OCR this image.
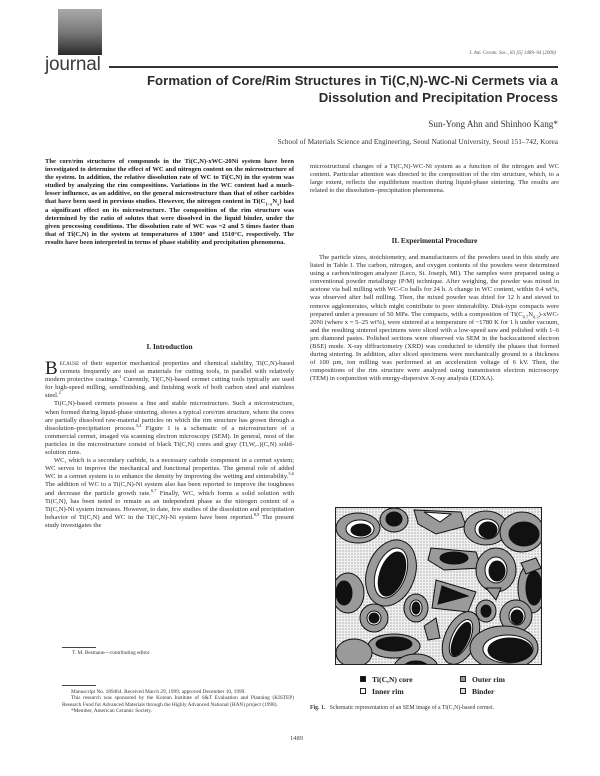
journal
J. Am. Ceram. Soc., 83 [6] 1489–94 (2000)
Formation of Core/Rim Structures in Ti(C,N)-WC-Ni Cermets via a
Dissolution and Precipitation Process
Sun-Yong Ahn and Shinhoo Kang*
School of Materials Science and Engineering, Seoul National University, Seoul 151–742, Korea

The core/rim structures of compounds in the Ti(C,N)-xWC-20Ni system have been investigated to determine the effect of WC and nitrogen content on the microstructure of the system. In addition, the relative dissolution rate of WC to Ti(C,N) in the system was studied by analyzing the rim compositions. Variations in the WC content had a much-lesser influence, as an additive, on the general microstructure than that of other carbides that have been used in previous studies. However, the nitrogen content in $Ti(C_{1-x}N_x)$ had a significant effect on its microstructure. The composition of the rim structure was determined by the ratio of solutes that were dissolved in the liquid binder, under the given processing conditions. The dissolution rate of WC was ~2 and 5 times faster than that of Ti(C,N) in the system at temperatures of 1300° and 1510°C, respectively. The results have been interpreted in terms of phase stability and precipitation phenomena.

I. Introduction

Because of their superior mechanical properties and chemical stability, Ti(C,N)-based cermets frequently are used as materials for cutting tools, in parallel with relatively modern protective coatings.$^1$ Currently, Ti(C,N)-based cermet cutting tools typically are used for high-speed milling, semifinishing, and finishing work of both carbon steel and stainless steel.$^2$

Ti(C,N)-based cermets possess a fine and stable microstructure. Such a microstructure, when formed during liquid-phase sintering, shows a typical core/rim structure, where the cores are partially dissolved raw-material particles on which the rim structure has grown through a dissolution–precipitation process.$^{3,4}$ Figure 1 is a schematic of a microstructure of a commercial cermet, imaged via scanning electron microscopy (SEM). In general, most of the particles in the microstructure consist of black Ti(C,N) cores and gray (Ti,W,..)(C,N) solid-solution rims.

WC, which is a secondary carbide, is a necessary carbide component in a cermet system; WC serves to improve the mechanical and functional properties. The general role of added WC in a cermet system is to enhance the density by improving the wetting and sinterability.$^{5,6}$ The addition of WC to a Ti(C,N)-Ni system also has been reported to improve the toughness and decrease the particle growth rate.$^{6,7}$ Finally, WC, which forms a solid solution with Ti(C,N), has been noted to remain as an independent phase as the nitrogen content of a Ti(C,N)-Ni system increases. However, to date, few studies of the dissolution and precipitation behavior of Ti(C,N) and WC in the Ti(C,N)-Ni system have been reported.$^{8,9}$ The present study investigates the

T. M. Besmann—contributing editor
Manuscript No. 189464. Received March 29, 1999; approved December 10, 1999.
This research was sponsored by the Korean Institute of S&T Evaluation and Planning (KISTEP) Research Fund for Advanced Materials through the Highly Advanced National (HAN) project (1998).
*Member, American Ceramic Society.
microstructural changes of a Ti(C,N)-WC-Ni system as a function of the nitrogen and WC content. Particular attention was directed to the composition of the rim structure, which, to a large extent, reflects the equilibrium reaction during liquid-phase sintering. The results are related to the dissolution–precipitation phenomena.
II. Experimental Procedure

The particle sizes, stoichiometry, and manufacturers of the powders used in this study are listed in Table I. The carbon, nitrogen, and oxygen contents of the powders were determined using a carbon/nitrogen analyzer (Leco, St. Joseph, MI). The samples were prepared using a conventional powder metallurgy (P/M) technique. After weighing, the powder was mixed in acetone via ball milling with WC-Co balls for 24 h. A change in WC content, within 0.4 wt%, was observed after ball milling. Then, the mixed powder was dried for 12 h and sieved to remove agglomerates, which might contribute to poor sinterability. Disk-type compacts were prepared under a pressure of 50 MPa. The compacts, with a composition of $Ti(C_{0.7}N_{0.3})-xWC-20Ni$ (where x = 5–25 wt%), were sintered at a temperature of ~1780 K for 1 h under vacuum, and the resulting sintered specimens were sliced with a low-speed saw and polished with 1–6 µm diamond pastes. Polished sections were observed via SEM in the backscattered electron (BSE) mode. X-ray diffractometry (XRD) was conducted to identify the phases that formed during sintering. In addition, after sliced specimens were mechanically ground to a thickness of 100 µm, ion milling was performed at an acceleration voltage of 6 kV. Then, the compositions of the rim structure were analyzed using transmission electron microscopy (TEM) in conjunction with energy-dispersive X-ray analysis (EDXA).

Ti(C,N) core	Outer rim
Inner rim	Binder
Fig. 1. Schematic representation of an SEM image of a Ti(C,N)-based cermet.
1489
